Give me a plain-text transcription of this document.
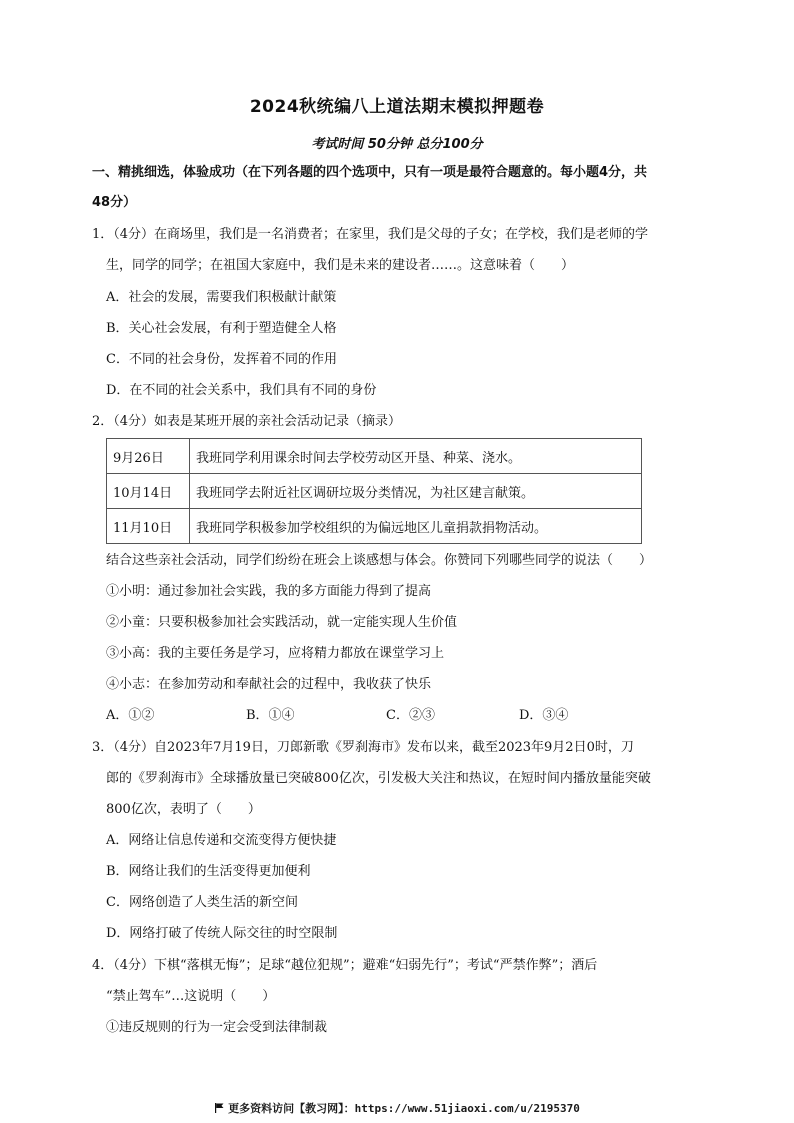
2024秋统编八上道法期末模拟押题卷
考试时间 50分钟 总分100分
一、精挑细选，体验成功（在下列各题的四个选项中，只有一项是最符合题意的。每小题4分，共
48分）
1．（4分）在商场里，我们是一名消费者；在家里，我们是父母的子女；在学校，我们是老师的学
生，同学的同学；在祖国大家庭中，我们是未来的建设者……。这意味着（　　）
A．社会的发展，需要我们积极献计献策
B．关心社会发展，有利于塑造健全人格
C．不同的社会身份，发挥着不同的作用
D．在不同的社会关系中，我们具有不同的身份
2．（4分）如表是某班开展的亲社会活动记录（摘录）
9月26日	我班同学利用课余时间去学校劳动区开垦、种菜、浇水。
10月14日	我班同学去附近社区调研垃圾分类情况，为社区建言献策。
11月10日	我班同学积极参加学校组织的为偏远地区儿童捐款捐物活动。
结合这些亲社会活动，同学们纷纷在班会上谈感想与体会。你赞同下列哪些同学的说法（　　）
①小明：通过参加社会实践，我的多方面能力得到了提高
②小童：只要积极参加社会实践活动，就一定能实现人生价值
③小高：我的主要任务是学习，应将精力都放在课堂学习上
④小志：在参加劳动和奉献社会的过程中，我收获了快乐
A．①②	B．①④	C．②③	D．③④
3．（4分）自2023年7月19日，刀郎新歌《罗刹海市》发布以来，截至2023年9月2日0时，刀
郎的《罗刹海市》全球播放量已突破800亿次，引发极大关注和热议，在短时间内播放量能突破
800亿次，表明了（　　）
A．网络让信息传递和交流变得方便快捷
B．网络让我们的生活变得更加便利
C．网络创造了人类生活的新空间
D．网络打破了传统人际交往的时空限制
4．（4分）下棋“落棋无悔”；足球“越位犯规”；避难“妇弱先行”；考试“严禁作弊”；酒后
“禁止驾车”…这说明（　　）
①违反规则的行为一定会受到法律制裁
更多资料访问【教习网】：https://www.51jiaoxi.com/u/2195370
